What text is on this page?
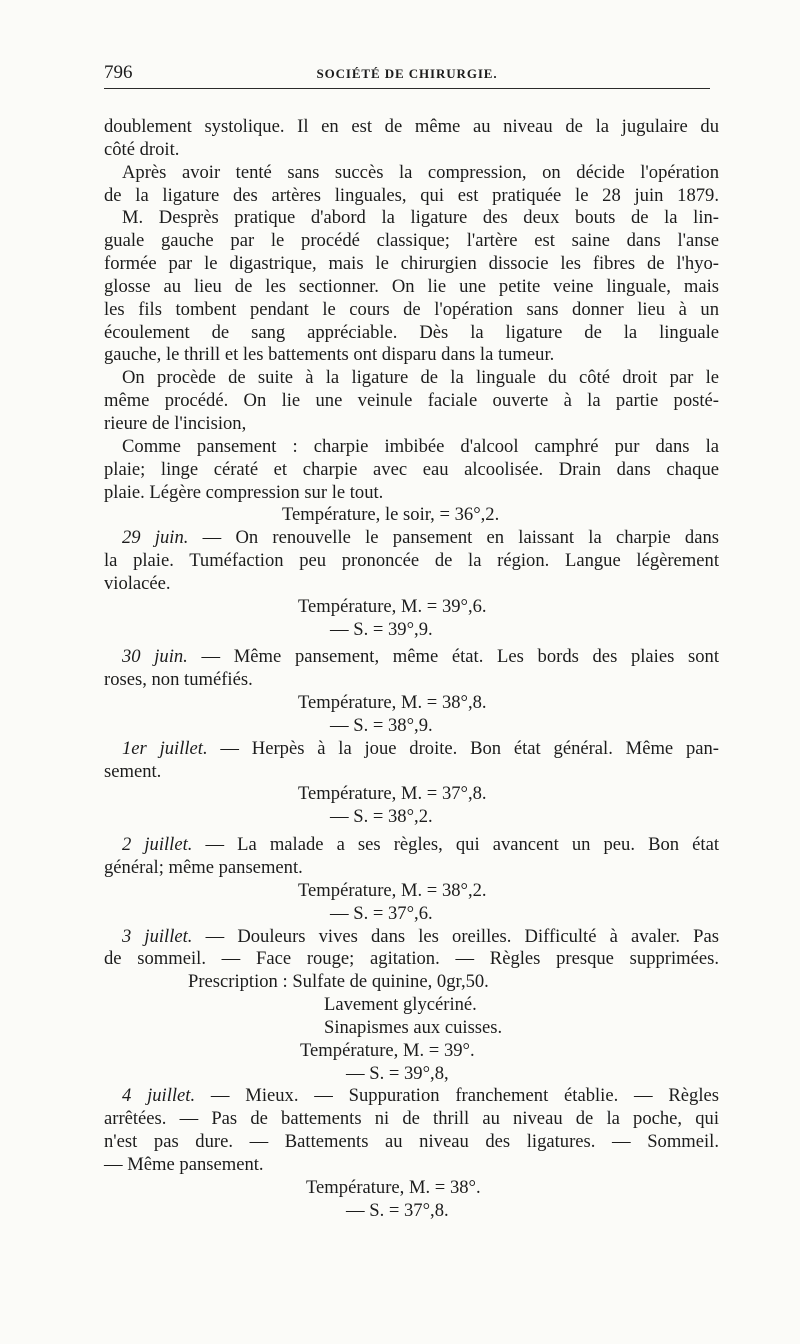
796	SOCIÉTÉ DE CHIRURGIE.
doublement systolique. Il en est de même au niveau de la jugulaire du
côté droit.
Après avoir tenté sans succès la compression, on décide l'opération
de la ligature des artères linguales, qui est pratiquée le 28 juin 1879.
M. Desprès pratique d'abord la ligature des deux bouts de la lin-
guale gauche par le procédé classique; l'artère est saine dans l'anse
formée par le digastrique, mais le chirurgien dissocie les fibres de l'hyo-
glosse au lieu de les sectionner. On lie une petite veine linguale, mais
les fils tombent pendant le cours de l'opération sans donner lieu à un
écoulement de sang appréciable. Dès la ligature de la linguale
gauche, le thrill et les battements ont disparu dans la tumeur.
On procède de suite à la ligature de la linguale du côté droit par le
même procédé. On lie une veinule faciale ouverte à la partie posté-
rieure de l'incision,
Comme pansement : charpie imbibée d'alcool camphré pur dans la
plaie; linge cératé et charpie avec eau alcoolisée. Drain dans chaque
plaie. Légère compression sur le tout.
Température, le soir, = 36°,2.
29 juin. — On renouvelle le pansement en laissant la charpie dans
la plaie. Tuméfaction peu prononcée de la région. Langue légèrement
violacée.
Température, M. = 39°,6.
— S. = 39°,9.
30 juin. — Même pansement, même état. Les bords des plaies sont
roses, non tuméfiés.
Température, M. = 38°,8.
— S. = 38°,9.
1er juillet. — Herpès à la joue droite. Bon état général. Même pan-
sement.
Température, M. = 37°,8.
— S. = 38°,2.
2 juillet. — La malade a ses règles, qui avancent un peu. Bon état
général; même pansement.
Température, M. = 38°,2.
— S. = 37°,6.
3 juillet. — Douleurs vives dans les oreilles. Difficulté à avaler. Pas
de sommeil. — Face rouge; agitation. — Règles presque supprimées.
Prescription : Sulfate de quinine, 0gr,50.
Lavement glycériné.
Sinapismes aux cuisses.
Température, M. = 39°.
— S. = 39°,8,
4 juillet. — Mieux. — Suppuration franchement établie. — Règles
arrêtées. — Pas de battements ni de thrill au niveau de la poche, qui
n'est pas dure. — Battements au niveau des ligatures. — Sommeil.
— Même pansement.
Température, M. = 38°.
— S. = 37°,8.
